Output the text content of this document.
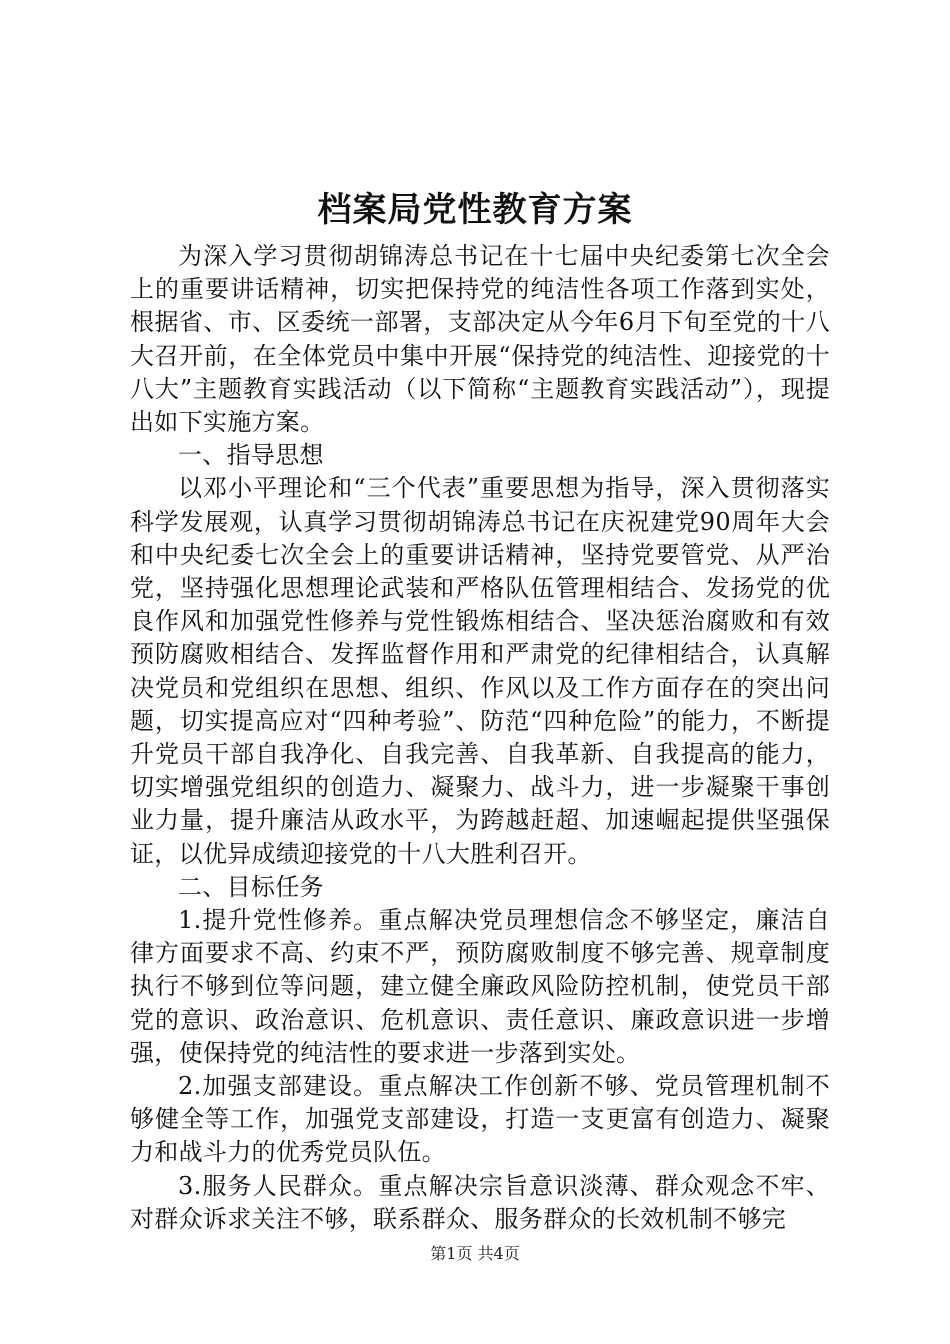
档案局党性教育方案

为深入学习贯彻胡锦涛总书记在十七届中央纪委第七次全会上的重要讲话精神，切实把保持党的纯洁性各项工作落到实处，根据省、市、区委统一部署，支部决定从今年6月下旬至党的十八大召开前，在全体党员中集中开展“保持党的纯洁性、迎接党的十八大”主题教育实践活动（以下简称“主题教育实践活动”），现提出如下实施方案。

一、指导思想

以邓小平理论和“三个代表”重要思想为指导，深入贯彻落实科学发展观，认真学习贯彻胡锦涛总书记在庆祝建党90周年大会和中央纪委七次全会上的重要讲话精神，坚持党要管党、从严治党，坚持强化思想理论武装和严格队伍管理相结合、发扬党的优良作风和加强党性修养与党性锻炼相结合、坚决惩治腐败和有效预防腐败相结合、发挥监督作用和严肃党的纪律相结合，认真解决党员和党组织在思想、组织、作风以及工作方面存在的突出问题，切实提高应对“四种考验”、防范“四种危险”的能力，不断提升党员干部自我净化、自我完善、自我革新、自我提高的能力，切实增强党组织的创造力、凝聚力、战斗力，进一步凝聚干事创业力量，提升廉洁从政水平，为跨越赶超、加速崛起提供坚强保证，以优异成绩迎接党的十八大胜利召开。

二、目标任务

1.提升党性修养。重点解决党员理想信念不够坚定，廉洁自律方面要求不高、约束不严，预防腐败制度不够完善、规章制度执行不够到位等问题，建立健全廉政风险防控机制，使党员干部党的意识、政治意识、危机意识、责任意识、廉政意识进一步增强，使保持党的纯洁性的要求进一步落到实处。

2.加强支部建设。重点解决工作创新不够、党员管理机制不够健全等工作，加强党支部建设，打造一支更富有创造力、凝聚力和战斗力的优秀党员队伍。

3.服务人民群众。重点解决宗旨意识淡薄、群众观念不牢、对群众诉求关注不够，联系群众、服务群众的长效机制不够完

第1页 共4页
